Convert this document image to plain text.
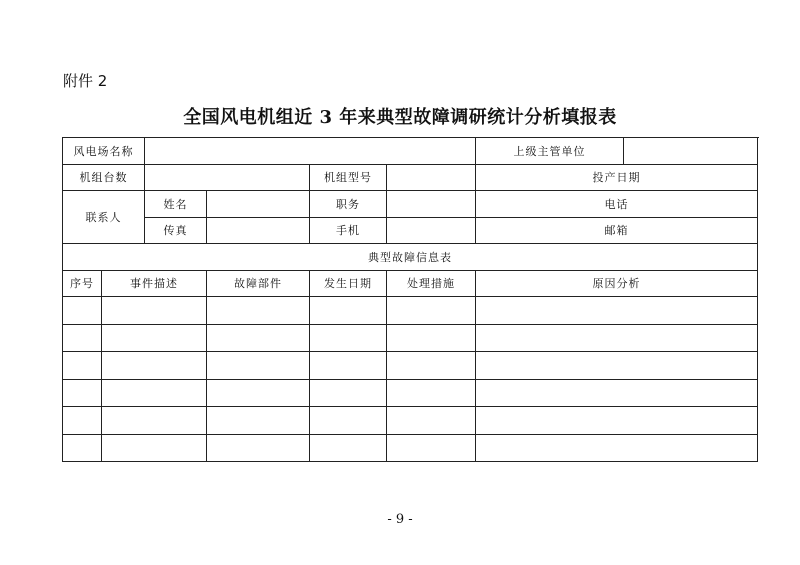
附件 2
全国风电机组近 3 年来典型故障调研统计分析填报表
风电场名称						上级主管单位		
机组台数				机组型号		投产日期		
联系人		姓名		职务		电话		
		传真		手机		邮箱		
典型故障信息表								
序号	事件描述		故障部件	发生日期	处理措施	原因分析	

- 9 -
